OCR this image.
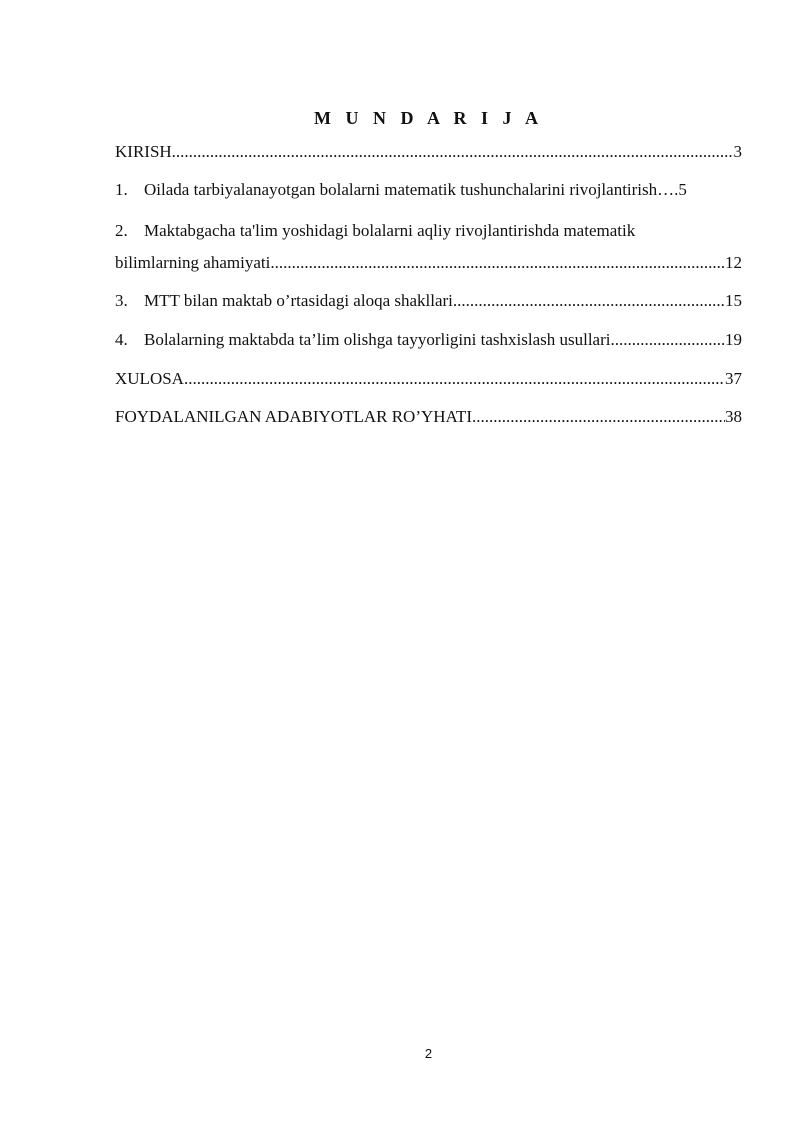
M U N D A R I J A
KIRISH .....	3
1. Oilada tarbiyalanayotgan bolalarni matematik tushunchalarini rivojlantirish …. 5
2. Maktabgacha ta'lim yoshidagi bolalarni aqliy rivojlantirishda matematik
bilimlarning ahamiyati .....	12
3. MTT bilan maktab o’rtasidagi aloqa shakllari .....	15
4. Bolalarning maktabda ta’lim olishga tayyorligini tashxislash usullari .....	19
XULOSA .....	37
FOYDALANILGAN ADABIYOTLAR RO’YHATI .....	38
2
